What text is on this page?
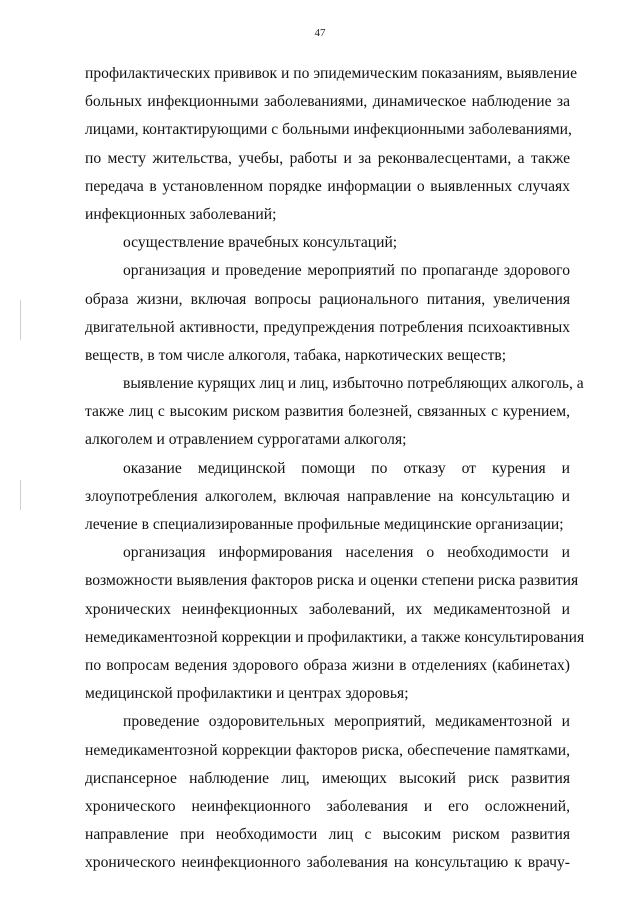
47
профилактических прививок и по эпидемическим показаниям, выявление
больных инфекционными заболеваниями, динамическое наблюдение за
лицами, контактирующими с больными инфекционными заболеваниями,
по месту жительства, учебы, работы и за реконвалесцентами, а также
передача в установленном порядке информации о выявленных случаях
инфекционных заболеваний;
осуществление врачебных консультаций;
организация и проведение мероприятий по пропаганде здорового
образа жизни, включая вопросы рационального питания, увеличения
двигательной активности, предупреждения потребления психоактивных
веществ, в том числе алкоголя, табака, наркотических веществ;
выявление курящих лиц и лиц, избыточно потребляющих алкоголь, а
также лиц с высоким риском развития болезней, связанных с курением,
алкоголем и отравлением суррогатами алкоголя;
оказание медицинской помощи по отказу от курения и
злоупотребления алкоголем, включая направление на консультацию и
лечение в специализированные профильные медицинские организации;
организация информирования населения о необходимости и
возможности выявления факторов риска и оценки степени риска развития
хронических неинфекционных заболеваний, их медикаментозной и
немедикаментозной коррекции и профилактики, а также консультирования
по вопросам ведения здорового образа жизни в отделениях (кабинетах)
медицинской профилактики и центрах здоровья;
проведение оздоровительных мероприятий, медикаментозной и
немедикаментозной коррекции факторов риска, обеспечение памятками,
диспансерное наблюдение лиц, имеющих высокий риск развития
хронического неинфекционного заболевания и его осложнений,
направление при необходимости лиц с высоким риском развития
хронического неинфекционного заболевания на консультацию к врачу-
